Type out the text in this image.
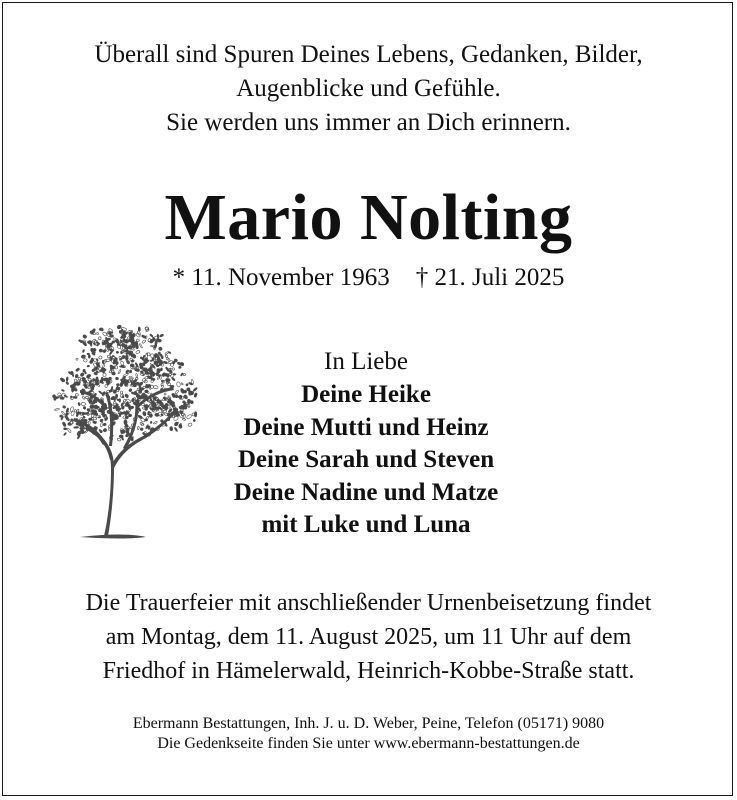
Überall sind Spuren Deines Lebens, Gedanken, Bilder,
Augenblicke und Gefühle.
Sie werden uns immer an Dich erinnern.
Mario Nolting
* 11. November 1963 † 21. Juli 2025
In Liebe
Deine Heike
Deine Mutti und Heinz
Deine Sarah und Steven
Deine Nadine und Matze
mit Luke und Luna
Die Trauerfeier mit anschließender Urnenbeisetzung findet
am Montag, dem 11. August 2025, um 11 Uhr auf dem
Friedhof in Hämelerwald, Heinrich-Kobbe-Straße statt.
Ebermann Bestattungen, Inh. J. u. D. Weber, Peine, Telefon (05171) 9080
Die Gedenkseite finden Sie unter www.ebermann-bestattungen.de
